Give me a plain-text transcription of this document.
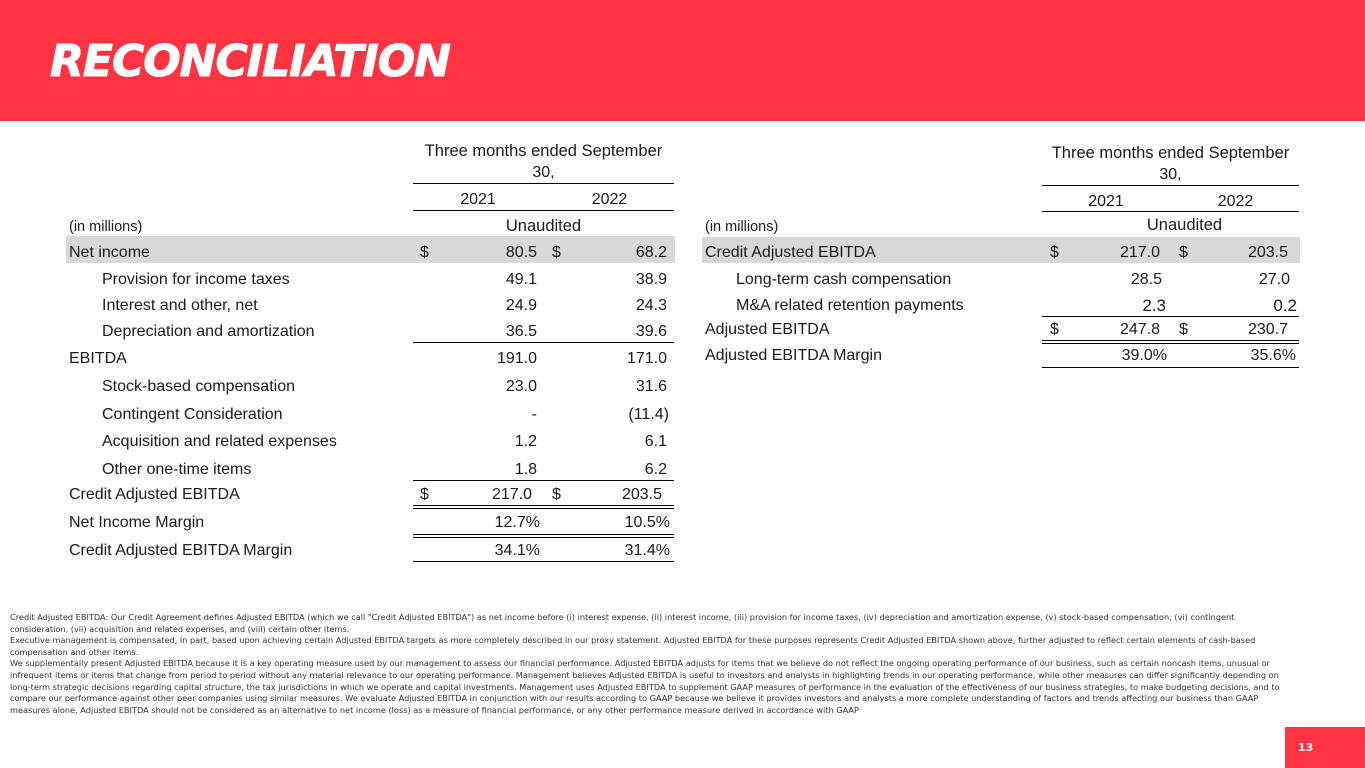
RECONCILIATION
Three months ended September
30,
2021	2022
(in millions)	Unaudited
Net income	$	80.5 $	68.2
Provision for income taxes	49.1	38.9
Interest and other, net	24.9	24.3
Depreciation and amortization	36.5	39.6
EBITDA	191.0	171.0
Stock-based compensation	23.0	31.6
Contingent Consideration	-	(11.4)
Acquisition and related expenses	1.2	6.1
Other one-time items	1.8	6.2
Credit Adjusted EBITDA	$	217.0 $	203.5
Net Income Margin	12.7%	10.5%
Credit Adjusted EBITDA Margin	34.1%	31.4%
Three months ended September
30,
2021	2022
(in millions)	Unaudited
Credit Adjusted EBITDA	$	217.0 $	203.5
Long-term cash compensation	28.5	27.0
M&A related retention payments	2.3	0.2
Adjusted EBITDA	$	247.8 $	230.7
Adjusted EBITDA Margin	39.0%	35.6%

Credit Adjusted EBITDA: Our Credit Agreement defines Adjusted EBITDA (which we call "Credit Adjusted EBITDA") as net income before (i) interest expense, (ii) interest income, (iii) provision for income taxes, (iv) depreciation and amortization expense, (v) stock-based compensation, (vi) contingent consideration, (vii) acquisition and related expenses, and (viii) certain other items.

Executive management is compensated, in part, based upon achieving certain Adjusted EBITDA targets as more completely described in our proxy statement. Adjusted EBITDA for these purposes represents Credit Adjusted EBITDA shown above, further adjusted to reflect certain elements of cash-based compensation and other items.

We supplementally present Adjusted EBITDA because it is a key operating measure used by our management to assess our financial performance. Adjusted EBITDA adjusts for items that we believe do not reflect the ongoing operating performance of our business, such as certain noncash items, unusual or infrequent items or items that change from period to period without any material relevance to our operating performance. Management believes Adjusted EBITDA is useful to investors and analysts in highlighting trends in our operating performance, while other measures can differ significantly depending on long-term strategic decisions regarding capital structure, the tax jurisdictions in which we operate and capital investments. Management uses Adjusted EBITDA to supplement GAAP measures of performance in the evaluation of the effectiveness of our business strategies, to make budgeting decisions, and to compare our performance against other peer companies using similar measures. We evaluate Adjusted EBITDA in conjunction with our results according to GAAP because we believe it provides investors and analysts a more complete understanding of factors and trends affecting our business than GAAP measures alone. Adjusted EBITDA should not be considered as an alternative to net income (loss) as a measure of financial performance, or any other performance measure derived in accordance with GAAP

13
